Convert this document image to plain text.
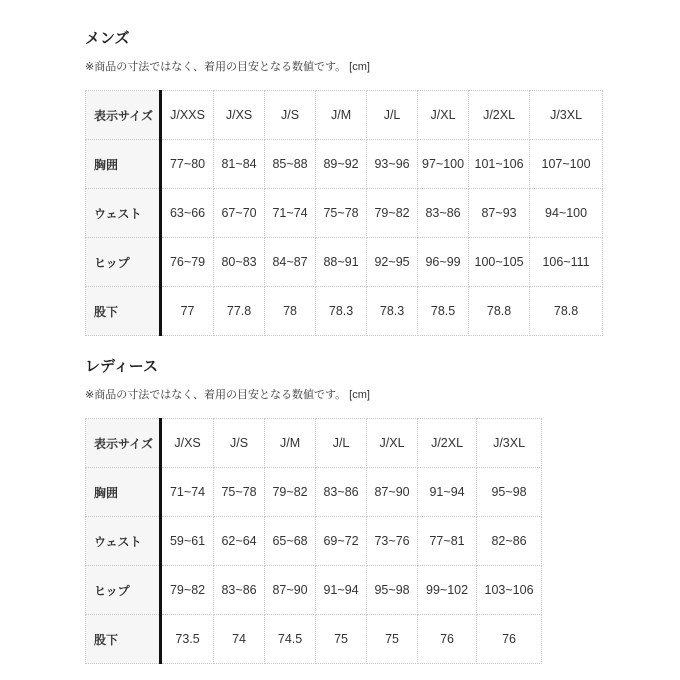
メンズ

※商品の寸法ではなく、着用の目安となる数値です。 [cm]

表示サイズ	J/XXS	J/XS	J/S	J/M	J/L	J/XL	J/2XL	J/3XL
胸囲	77~80	81~84	85~88	89~92	93~96	97~100	101~106	107~100
ウェスト	63~66	67~70	71~74	75~78	79~82	83~86	87~93	94~100
ヒップ	76~79	80~83	84~87	88~91	92~95	96~99	100~105	106~111
股下	77	77.8	78	78.3	78.3	78.5	78.8	78.8
レディース

※商品の寸法ではなく、着用の目安となる数値です。 [cm]

表示サイズ	J/XS	J/S	J/M	J/L	J/XL	J/2XL	J/3XL
胸囲	71~74	75~78	79~82	83~86	87~90	91~94	95~98
ウェスト	59~61	62~64	65~68	69~72	73~76	77~81	82~86
ヒップ	79~82	83~86	87~90	91~94	95~98	99~102	103~106
股下	73.5	74	74.5	75	75	76	76
